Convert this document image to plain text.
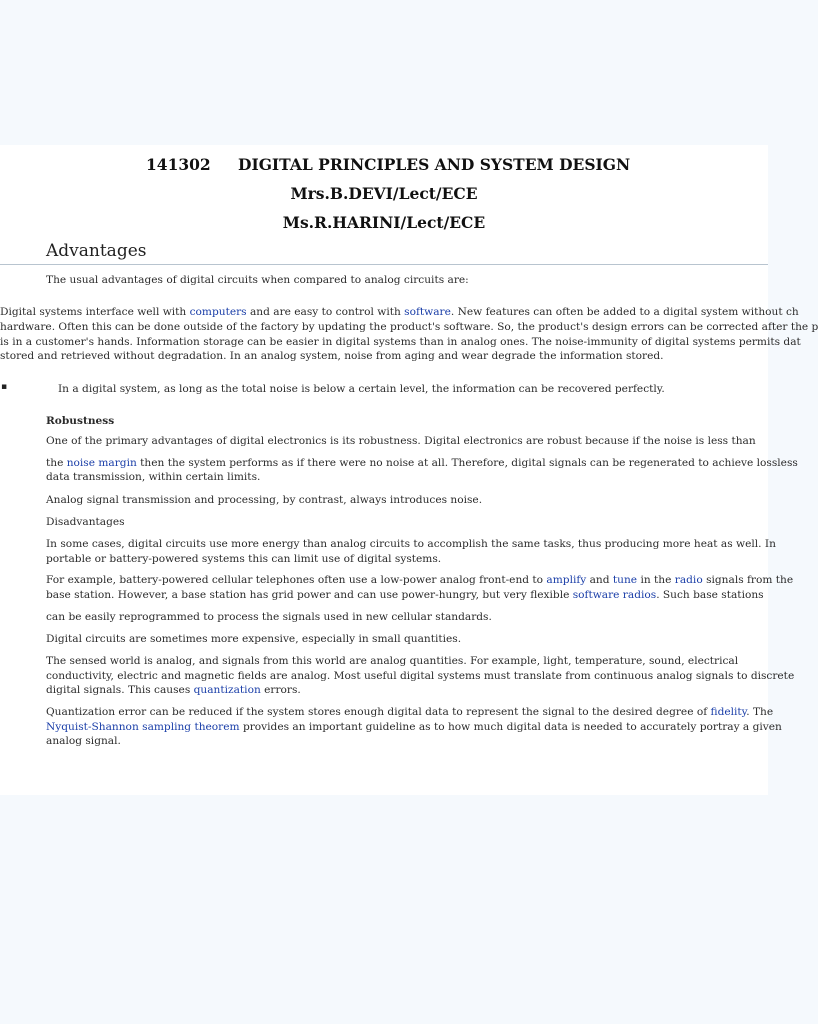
141302 DIGITAL PRINCIPLES AND SYSTEM DESIGN
Mrs.B.DEVI/Lect/ECE
Ms.R.HARINI/Lect/ECE
Advantages
The usual advantages of digital circuits when compared to analog circuits are:
Digital systems interface well with computers and are easy to control with software. New features can often be added to a digital system without ch
hardware. Often this can be done outside of the factory by updating the product's software. So, the product's design errors can be corrected after the p
is in a customer's hands. Information storage can be easier in digital systems than in analog ones. The noise-immunity of digital systems permits dat
stored and retrieved without degradation. In an analog system, noise from aging and wear degrade the information stored.
▪	In a digital system, as long as the total noise is below a certain level, the information can be recovered perfectly.
Robustness
One of the primary advantages of digital electronics is its robustness. Digital electronics are robust because if the noise is less than
the noise margin then the system performs as if there were no noise at all. Therefore, digital signals can be regenerated to achieve lossless
data transmission, within certain limits.
Analog signal transmission and processing, by contrast, always introduces noise.
Disadvantages
In some cases, digital circuits use more energy than analog circuits to accomplish the same tasks, thus producing more heat as well. In
portable or battery-powered systems this can limit use of digital systems.
For example, battery-powered cellular telephones often use a low-power analog front-end to amplify and tune in the radio signals from the
base station. However, a base station has grid power and can use power-hungry, but very flexible software radios. Such base stations
can be easily reprogrammed to process the signals used in new cellular standards.
Digital circuits are sometimes more expensive, especially in small quantities.
The sensed world is analog, and signals from this world are analog quantities. For example, light, temperature, sound, electrical
conductivity, electric and magnetic fields are analog. Most useful digital systems must translate from continuous analog signals to discrete
digital signals. This causes quantization errors.
Quantization error can be reduced if the system stores enough digital data to represent the signal to the desired degree of fidelity. The
Nyquist-Shannon sampling theorem provides an important guideline as to how much digital data is needed to accurately portray a given
analog signal.
